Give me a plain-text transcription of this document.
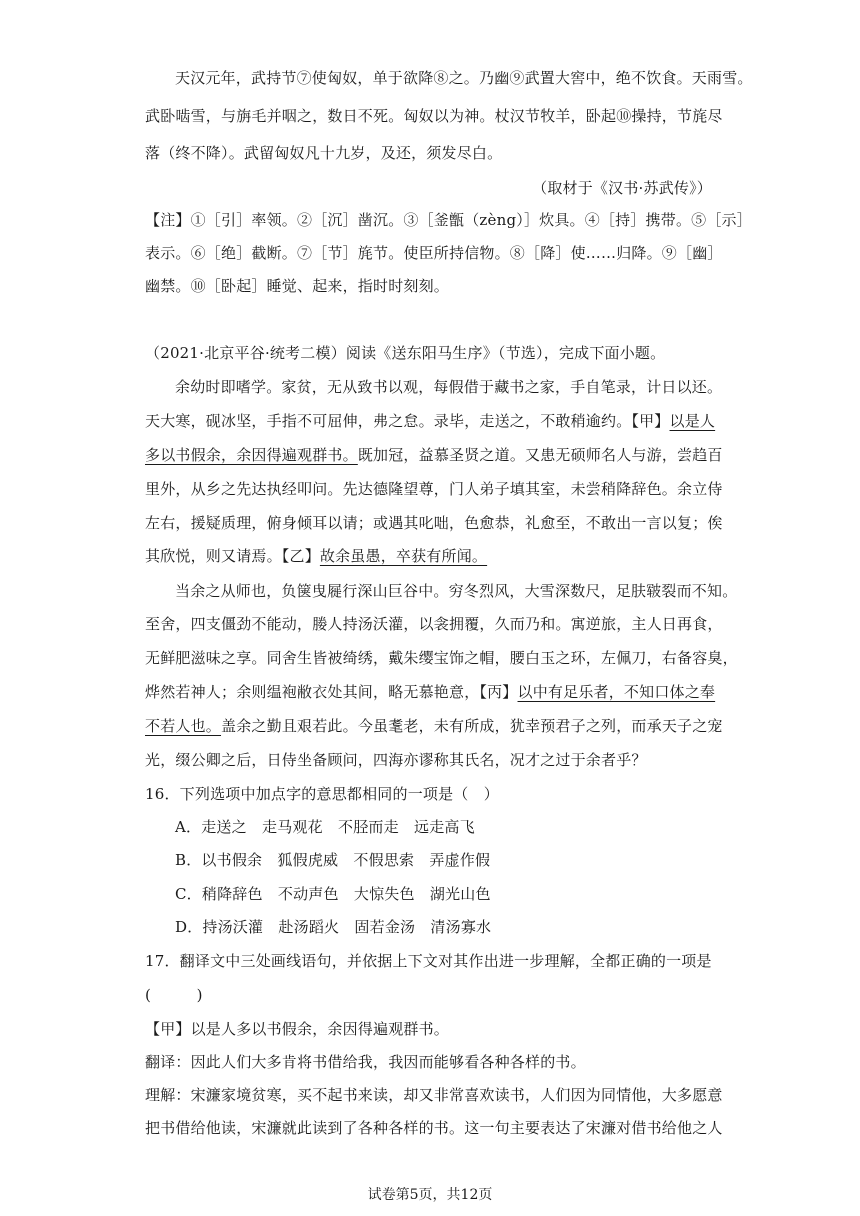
天汉元年，武持节⑦使匈奴，单于欲降⑧之。乃幽⑨武置大窖中，绝不饮食。天雨雪。
武卧啮雪，与旃毛并咽之，数日不死。匈奴以为神。杖汉节牧羊，卧起⑩操持，节旄尽
落（终不降）。武留匈奴凡十九岁，及还，须发尽白。
（取材于《汉书·苏武传》）
【注】①［引］率领。②［沉］凿沉。③［釜甑（zèng）］炊具。④［持］携带。⑤［示］
表示。⑥［绝］截断。⑦［节］旄节。使臣所持信物。⑧［降］使……归降。⑨［幽］
幽禁。⑩［卧起］睡觉、起来，指时时刻刻。
（2021·北京平谷·统考二模）阅读《送东阳马生序》（节选），完成下面小题。
余幼时即嗜学。家贫，无从致书以观，每假借于藏书之家，手自笔录，计日以还。
天大寒，砚冰坚，手指不可屈伸，弗之怠。录毕，走送之，不敢稍逾约。【甲】以是人
多以书假余，余因得遍观群书。既加冠，益慕圣贤之道。又患无硕师名人与游，尝趋百
里外，从乡之先达执经叩问。先达德隆望尊，门人弟子填其室，未尝稍降辞色。余立侍
左右，援疑质理，俯身倾耳以请；或遇其叱咄，色愈恭，礼愈至，不敢出一言以复；俟
其欣悦，则又请焉。【乙】故余虽愚，卒获有所闻。
当余之从师也，负箧曳屣行深山巨谷中。穷冬烈风，大雪深数尺，足肤皲裂而不知。
至舍，四支僵劲不能动，媵人持汤沃灌，以衾拥覆，久而乃和。寓逆旅，主人日再食，
无鲜肥滋味之享。同舍生皆被绮绣，戴朱缨宝饰之帽，腰白玉之环，左佩刀，右备容臭，
烨然若神人；余则缊袍敝衣处其间，略无慕艳意，【丙】以中有足乐者，不知口体之奉
不若人也。盖余之勤且艰若此。今虽耄老，未有所成，犹幸预君子之列，而承天子之宠
光，缀公卿之后，日侍坐备顾问，四海亦谬称其氏名，况才之过于余者乎？
16．下列选项中加点字的意思都相同的一项是（　）
A．走送之　走马观花　不胫而走　远走高飞
B．以书假余　狐假虎威　不假思索　弄虚作假
C．稍降辞色　不动声色　大惊失色　湖光山色
D．持汤沃灌　赴汤蹈火　固若金汤　清汤寡水
17．翻译文中三处画线语句，并依据上下文对其作出进一步理解，全都正确的一项是
(　　　)
【甲】以是人多以书假余，余因得遍观群书。
翻译：因此人们大多肯将书借给我，我因而能够看各种各样的书。
理解：宋濂家境贫寒，买不起书来读，却又非常喜欢读书，人们因为同情他，大多愿意
把书借给他读，宋濂就此读到了各种各样的书。这一句主要表达了宋濂对借书给他之人
试卷第5页，共12页
